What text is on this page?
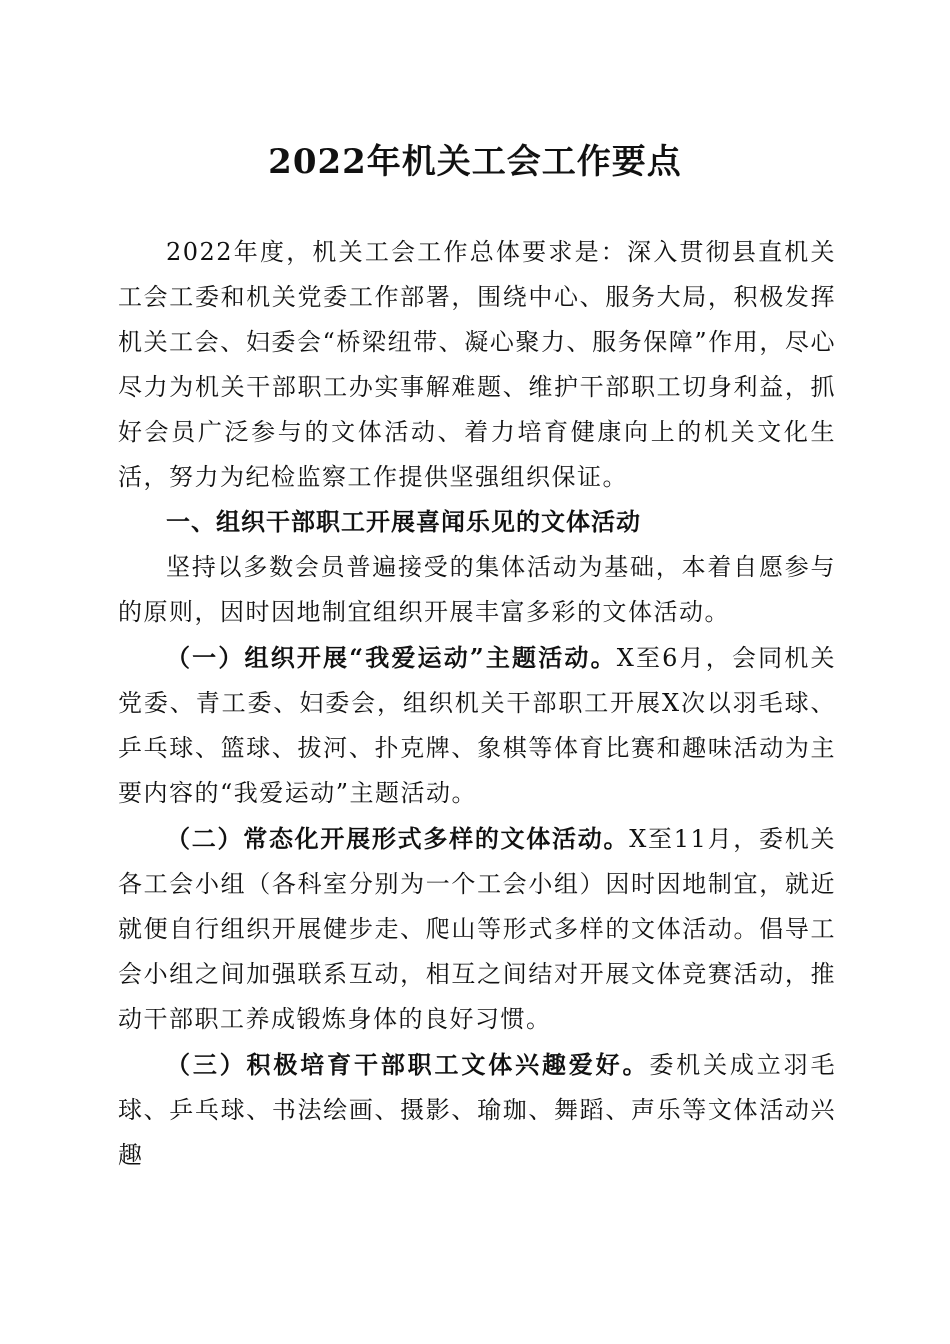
2022年机关工会工作要点

2022年度，机关工会工作总体要求是：深入贯彻县直机关工会工委和机关党委工作部署，围绕中心、服务大局，积极发挥机关工会、妇委会“桥梁纽带、凝心聚力、服务保障”作用，尽心尽力为机关干部职工办实事解难题、维护干部职工切身利益，抓好会员广泛参与的文体活动、着力培育健康向上的机关文化生活，努力为纪检监察工作提供坚强组织保证。

一、组织干部职工开展喜闻乐见的文体活动

坚持以多数会员普遍接受的集体活动为基础，本着自愿参与的原则，因时因地制宜组织开展丰富多彩的文体活动。

（一）组织开展“我爱运动”主题活动。X至6月，会同机关党委、青工委、妇委会，组织机关干部职工开展X次以羽毛球、乒乓球、篮球、拔河、扑克牌、象棋等体育比赛和趣味活动为主要内容的“我爱运动”主题活动。

（二）常态化开展形式多样的文体活动。X至11月，委机关各工会小组（各科室分别为一个工会小组）因时因地制宜，就近就便自行组织开展健步走、爬山等形式多样的文体活动。倡导工会小组之间加强联系互动，相互之间结对开展文体竞赛活动，推动干部职工养成锻炼身体的良好习惯。

（三）积极培育干部职工文体兴趣爱好。委机关成立羽毛球、乒乓球、书法绘画、摄影、瑜珈、舞蹈、声乐等文体活动兴趣
